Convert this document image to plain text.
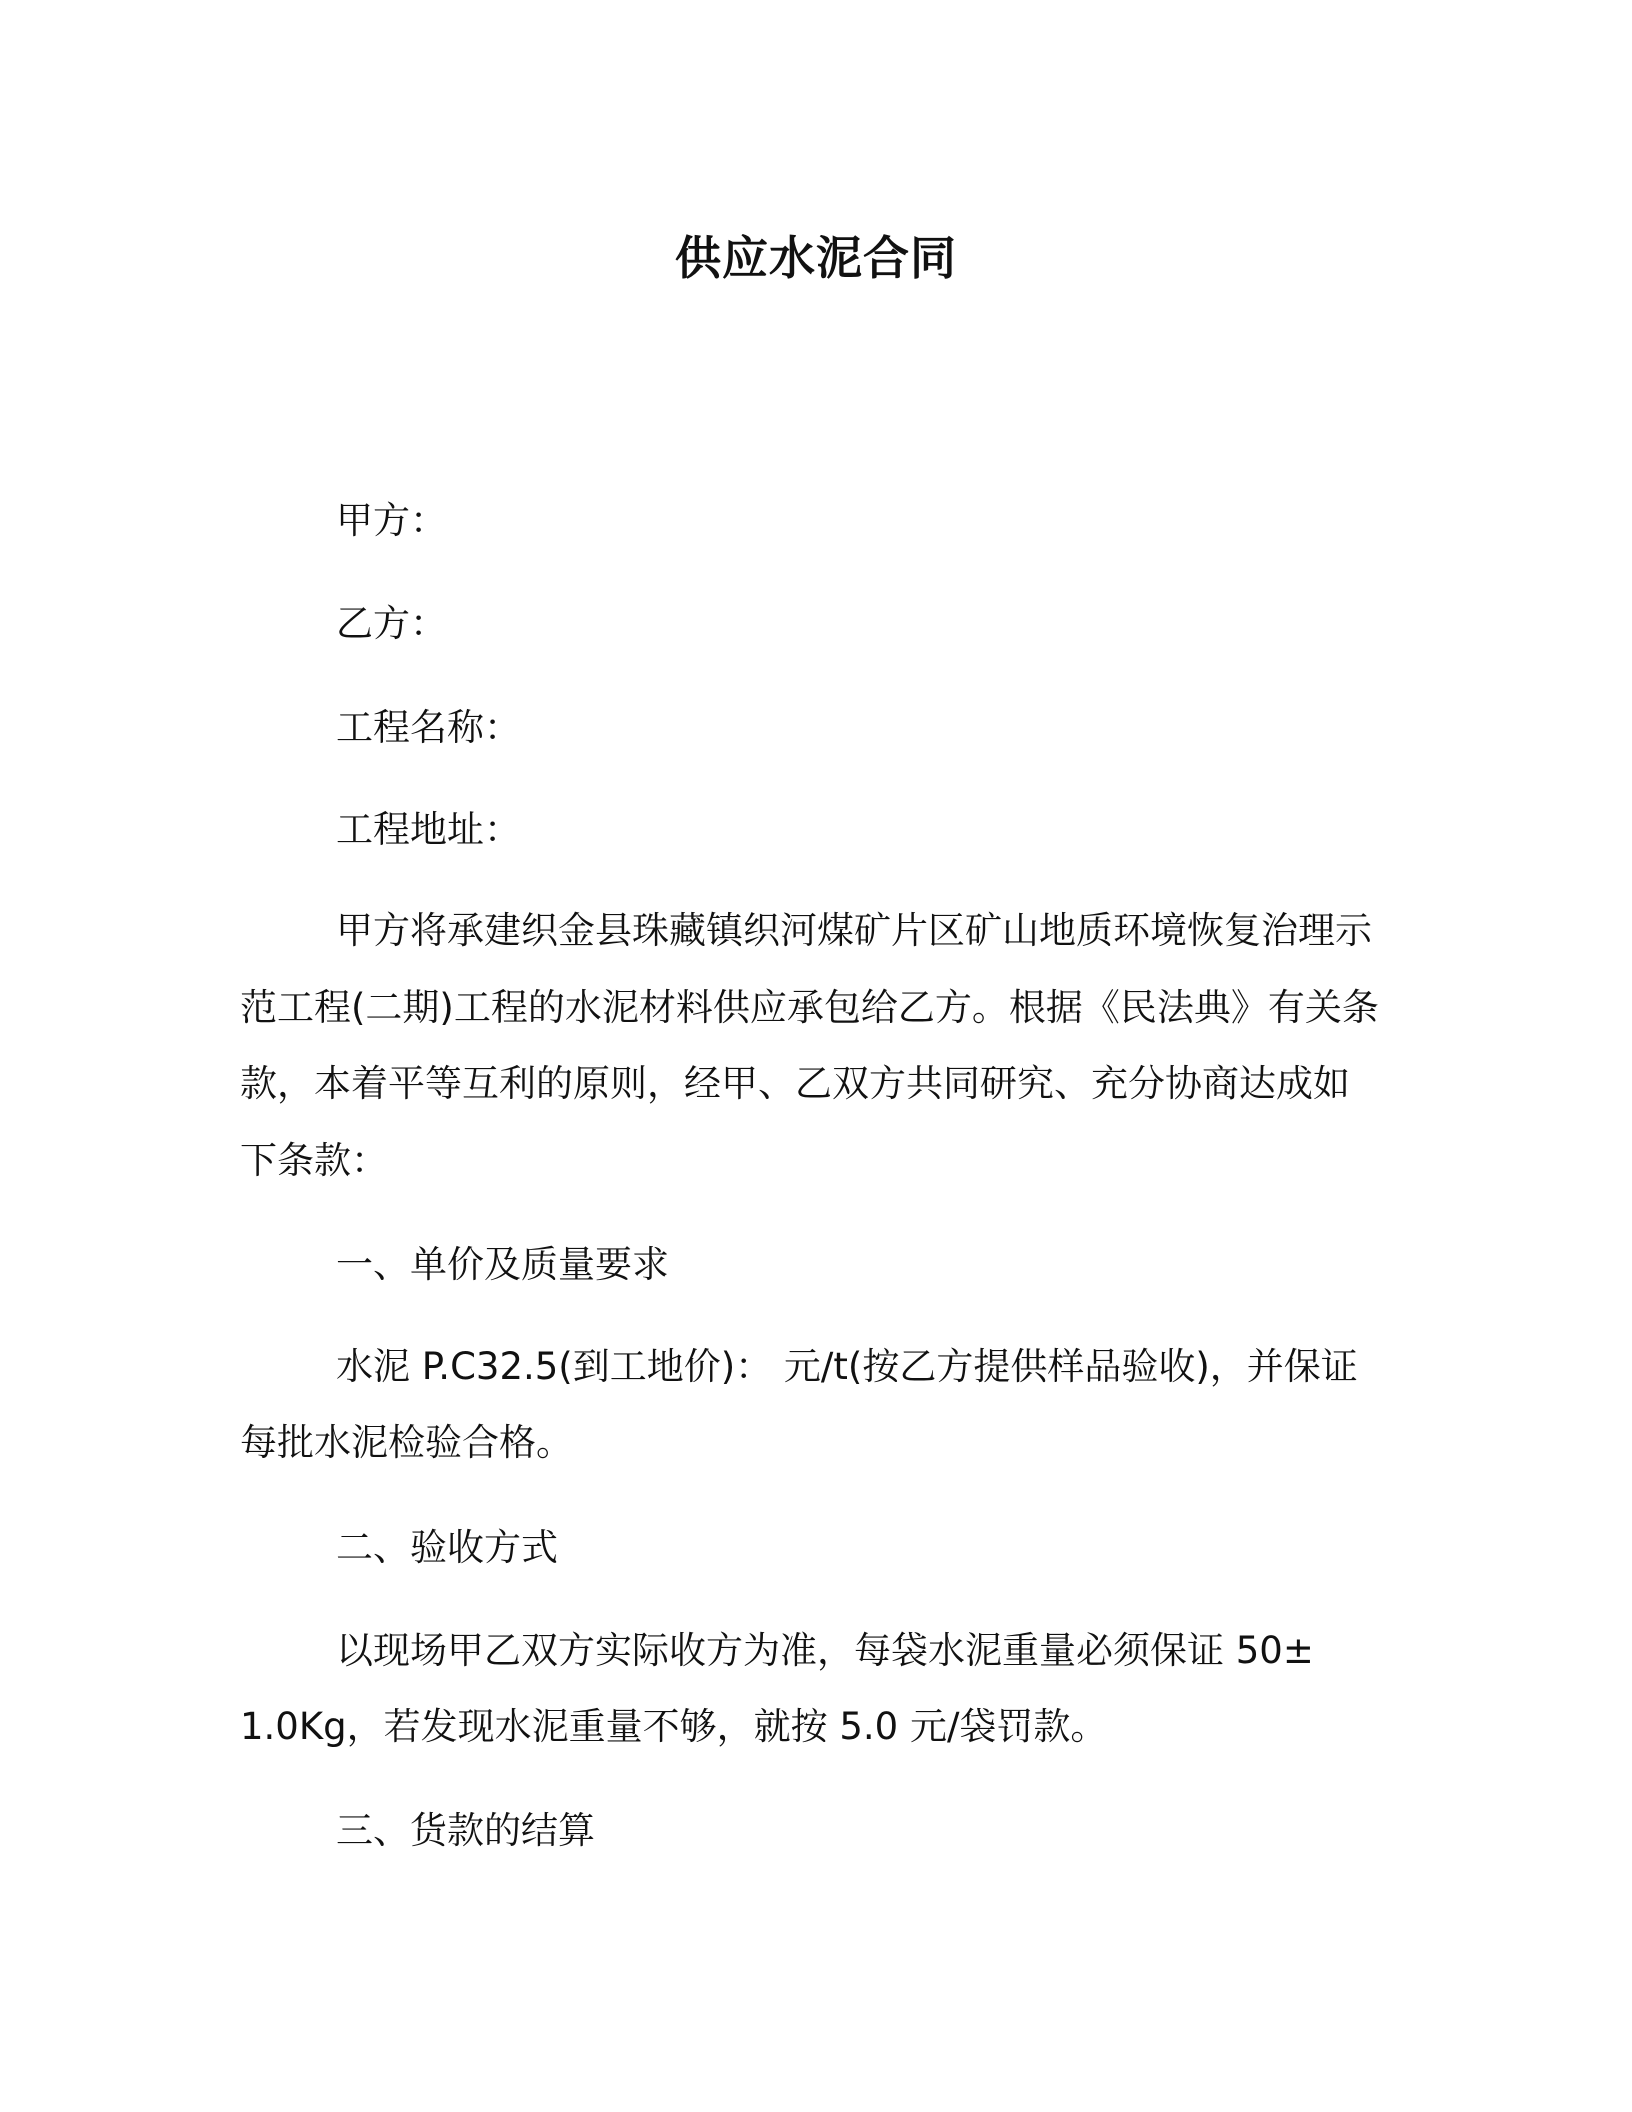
供应水泥合同
甲方：
乙方：
工程名称：
工程地址：
甲方将承建织金县珠藏镇织河煤矿片区矿山地质环境恢复治理示
范工程(二期)工程的水泥材料供应承包给乙方。根据《民法典》有关条
款，本着平等互利的原则，经甲、乙双方共同研究、充分协商达成如
下条款：
一、单价及质量要求
水泥 P.C32.5(到工地价)： 元/t(按乙方提供样品验收)，并保证
每批水泥检验合格。
二、验收方式
以现场甲乙双方实际收方为准，每袋水泥重量必须保证 50±
1.0Kg，若发现水泥重量不够，就按 5.0 元/袋罚款。
三、货款的结算
